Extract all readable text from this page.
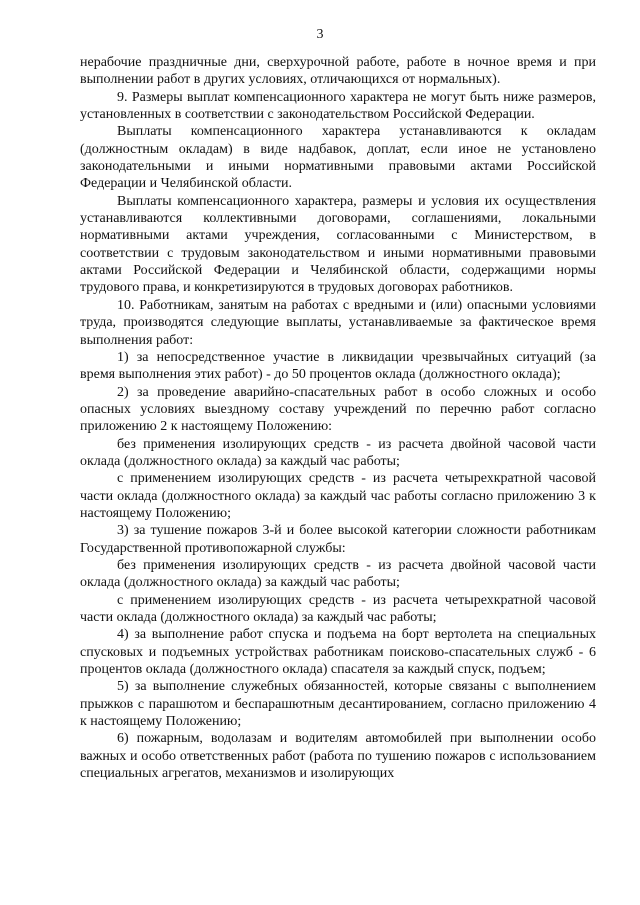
3

нерабочие праздничные дни, сверхурочной работе, работе в ночное время и при выполнении работ в других условиях, отличающихся от нормальных).

9. Размеры выплат компенсационного характера не могут быть ниже размеров, установленных в соответствии с законодательством Российской Федерации.

Выплаты компенсационного характера устанавливаются к окладам (должностным окладам) в виде надбавок, доплат, если иное не установлено законодательными и иными нормативными правовыми актами Российской Федерации и Челябинской области.

Выплаты компенсационного характера, размеры и условия их осуществления устанавливаются коллективными договорами, соглашениями, локальными нормативными актами учреждения, согласованными с Министерством, в соответствии с трудовым законодательством и иными нормативными правовыми актами Российской Федерации и Челябинской области, содержащими нормы трудового права, и конкретизируются в трудовых договорах работников.

10. Работникам, занятым на работах с вредными и (или) опасными условиями труда, производятся следующие выплаты, устанавливаемые за фактическое время выполнения работ:

1) за непосредственное участие в ликвидации чрезвычайных ситуаций (за время выполнения этих работ) - до 50 процентов оклада (должностного оклада);

2) за проведение аварийно-спасательных работ в особо сложных и особо опасных условиях выездному составу учреждений по перечню работ согласно приложению 2 к настоящему Положению:

без применения изолирующих средств - из расчета двойной часовой части оклада (должностного оклада) за каждый час работы;

с применением изолирующих средств - из расчета четырехкратной часовой части оклада (должностного оклада) за каждый час работы согласно приложению 3 к настоящему Положению;

3) за тушение пожаров 3-й и более высокой категории сложности работникам Государственной противопожарной службы:

без применения изолирующих средств - из расчета двойной часовой части оклада (должностного оклада) за каждый час работы;

с применением изолирующих средств - из расчета четырехкратной часовой части оклада (должностного оклада) за каждый час работы;

4) за выполнение работ спуска и подъема на борт вертолета на специальных спусковых и подъемных устройствах работникам поисково-спасательных служб - 6 процентов оклада (должностного оклада) спасателя за каждый спуск, подъем;

5) за выполнение служебных обязанностей, которые связаны с выполнением прыжков с парашютом и беспарашютным десантированием, согласно приложению 4 к настоящему Положению;

6) пожарным, водолазам и водителям автомобилей при выполнении особо важных и особо ответственных работ (работа по тушению пожаров с использованием специальных агрегатов, механизмов и изолирующих
